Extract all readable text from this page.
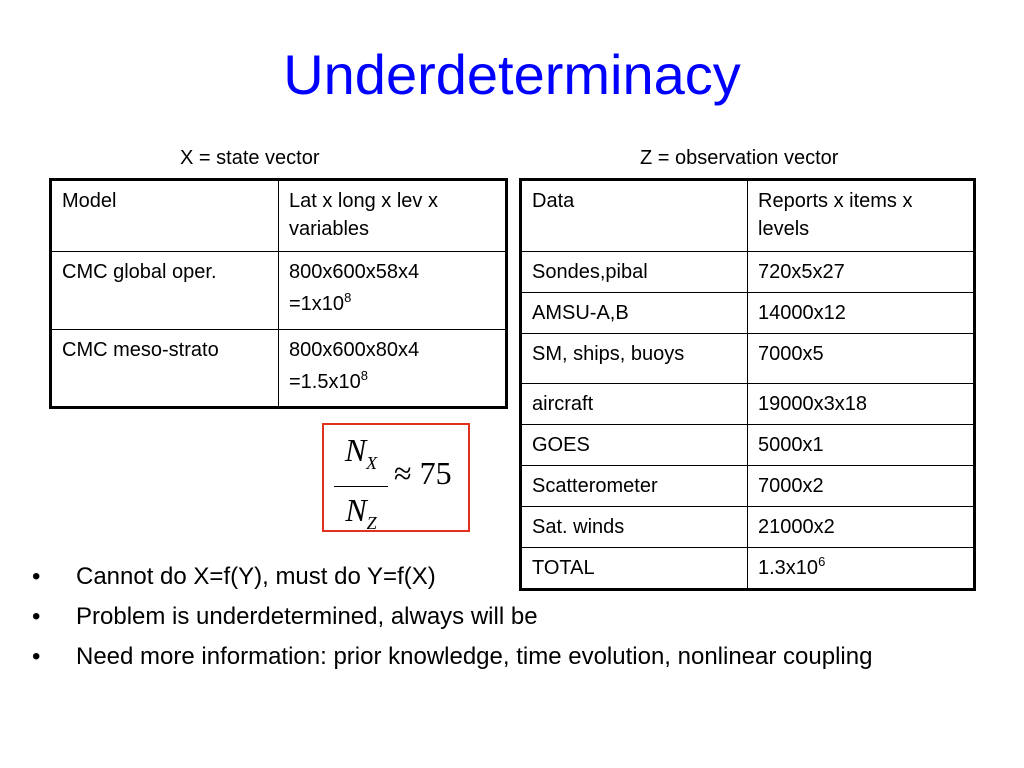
Underdeterminacy
X = state vector	Z = observation vector
Model	Lat x long x lev x variables
CMC global oper.	800x600x58x4
$=1x10^8$

CMC meso-strato	800x600x80x4
$=1.5x10^8$
Data	Reports x items x levels
Sondes,pibal	720x5x27
AMSU-A,B	14000x12
SM, ships, buoys	7000x5
aircraft	19000x3x18
GOES	5000x1
Scatterometer	7000x2
Sat. winds	21000x2
TOTAL	$1.3x10^6$
$N_X$
$N_Z$
≈ 75
• Cannot do X=f(Y), must do Y=f(X)
• Problem is underdetermined, always will be
• Need more information: prior knowledge, time evolution, nonlinear coupling
